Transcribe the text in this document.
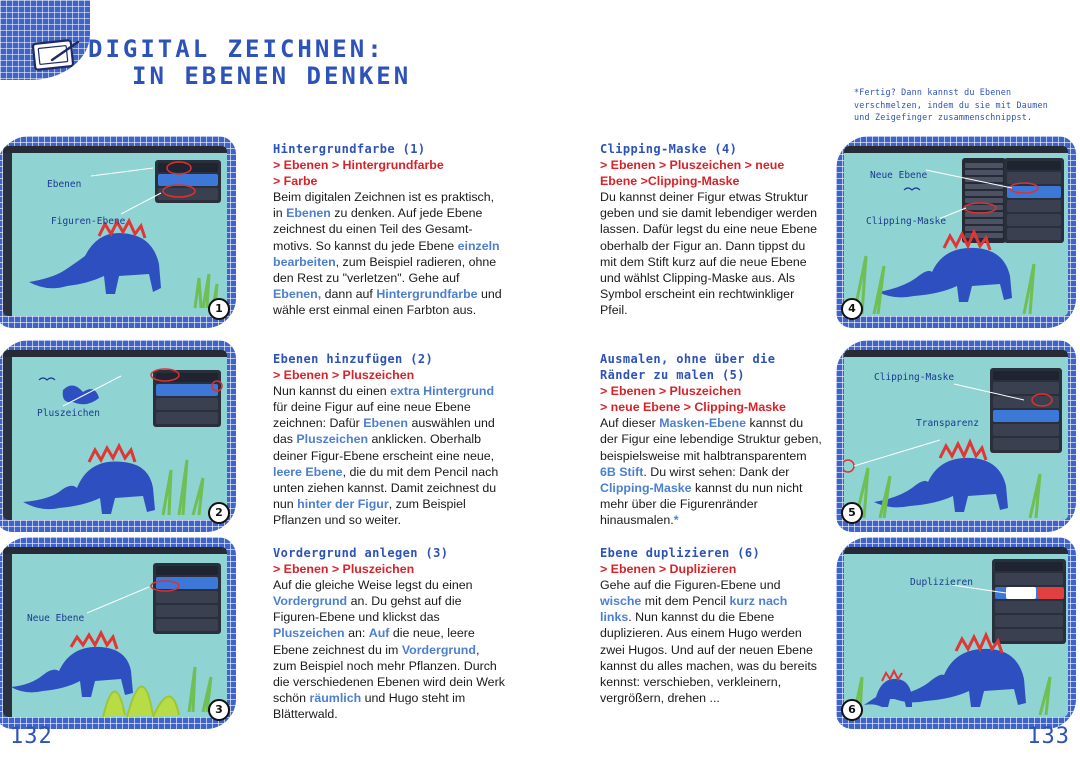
DIGITAL ZEICHNEN:
IN EBENEN DENKEN
*Fertig? Dann kannst du Ebenen verschmelzen, indem du sie mit Daumen und Zeigefinger zusammenschnippst.
Ebenen
Figuren-Ebene
1
Pluszeichen
2
Neue Ebene
3
Neue Ebene
Clipping-Maske
4
Clipping-Maske
Transparenz
5
Duplizieren
6
Hintergrundfarbe (1)
> Ebenen > Hintergrundfarbe
> Farbe
Beim digitalen Zeichnen ist es praktisch, in Ebenen zu denken. Auf jede Ebene zeichnest du einen Teil des Gesamtmotivs. So kannst du jede Ebene einzeln bearbeiten, zum Beispiel radieren, ohne den Rest zu "verletzen". Gehe auf Ebenen, dann auf Hintergrundfarbe und wähle erst einmal einen Farbton aus.
Ebenen hinzufügen (2)
> Ebenen > Pluszeichen
Nun kannst du einen extra Hintergrund für deine Figur auf eine neue Ebene zeichnen: Dafür Ebenen auswählen und das Pluszeichen anklicken. Oberhalb deiner Figur-Ebene erscheint eine neue, leere Ebene, die du mit dem Pencil nach unten ziehen kannst. Damit zeichnest du nun hinter der Figur, zum Beispiel Pflanzen und so weiter.
Vordergrund anlegen (3)
> Ebenen > Pluszeichen
Auf die gleiche Weise legst du einen Vordergrund an. Du gehst auf die Figuren-Ebene und klickst das Pluszeichen an: Auf die neue, leere Ebene zeichnest du im Vordergrund, zum Beispiel noch mehr Pflanzen. Durch die verschiedenen Ebenen wird dein Werk schön räumlich und Hugo steht im Blätterwald.
Clipping-Maske (4)
> Ebenen > Pluszeichen > neue
Ebene >Clipping-Maske
Du kannst deiner Figur etwas Struktur geben und sie damit lebendiger werden lassen. Dafür legst du eine neue Ebene oberhalb der Figur an. Dann tippst du mit dem Stift kurz auf die neue Ebene und wählst Clipping-Maske aus. Als Symbol erscheint ein rechtwinkliger Pfeil.
Ausmalen, ohne über die Ränder zu malen (5)
> Ebenen > Pluszeichen
> neue Ebene > Clipping-Maske
Auf dieser Masken-Ebene kannst du der Figur eine lebendige Struktur geben, beispielsweise mit halbtransparentem 6B Stift. Du wirst sehen: Dank der Clipping-Maske kannst du nun nicht mehr über die Figurenränder hinausmalen.*
Ebene duplizieren (6)
> Ebenen > Duplizieren
Gehe auf die Figuren-Ebene und wische mit dem Pencil kurz nach links. Nun kannst du die Ebene duplizieren. Aus einem Hugo werden zwei Hugos. Und auf der neuen Ebene kannst du alles machen, was du bereits kennst: verschieben, verkleinern, vergrößern, drehen ...
132	133
